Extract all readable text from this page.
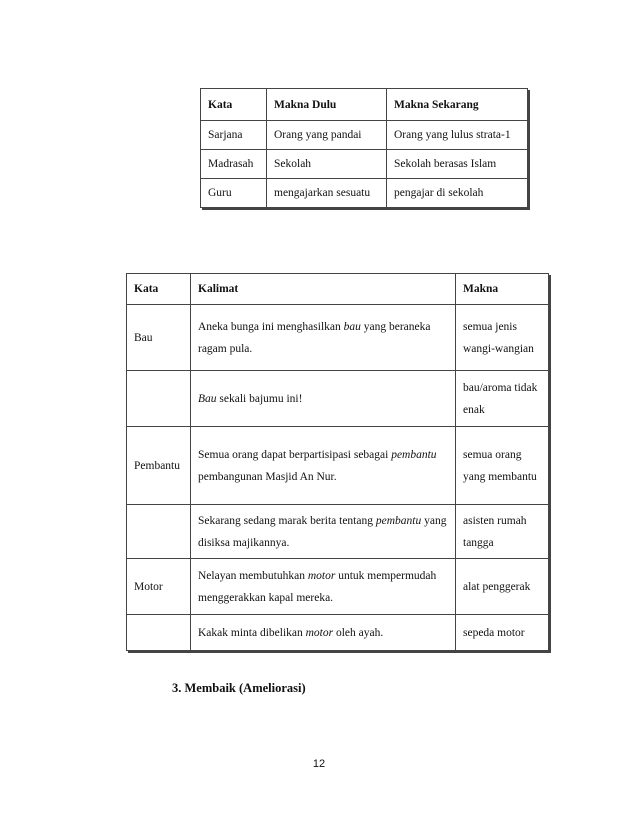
Kata	Makna Dulu	Makna Sekarang
Sarjana	Orang yang pandai	Orang yang lulus strata-1
Madrasah	Sekolah	Sekolah berasas Islam
Guru	mengajarkan sesuatu	pengajar di sekolah
Kata	Kalimat	Makna
Bau	Aneka bunga ini menghasilkan bau yang beraneka ragam pula.	semua jenis wangi-wangian
	Bau sekali bajumu ini!	bau/aroma tidak enak
Pembantu	Semua orang dapat berpartisipasi sebagai pembantu pembangunan Masjid An Nur.	semua orang yang membantu
	Sekarang sedang marak berita tentang pembantu yang disiksa majikannya.	asisten rumah tangga
Motor	Nelayan membutuhkan motor untuk mempermudah menggerakkan kapal mereka.	alat penggerak
	Kakak minta dibelikan motor oleh ayah.	sepeda motor
3. Membaik (Ameliorasi)
12
